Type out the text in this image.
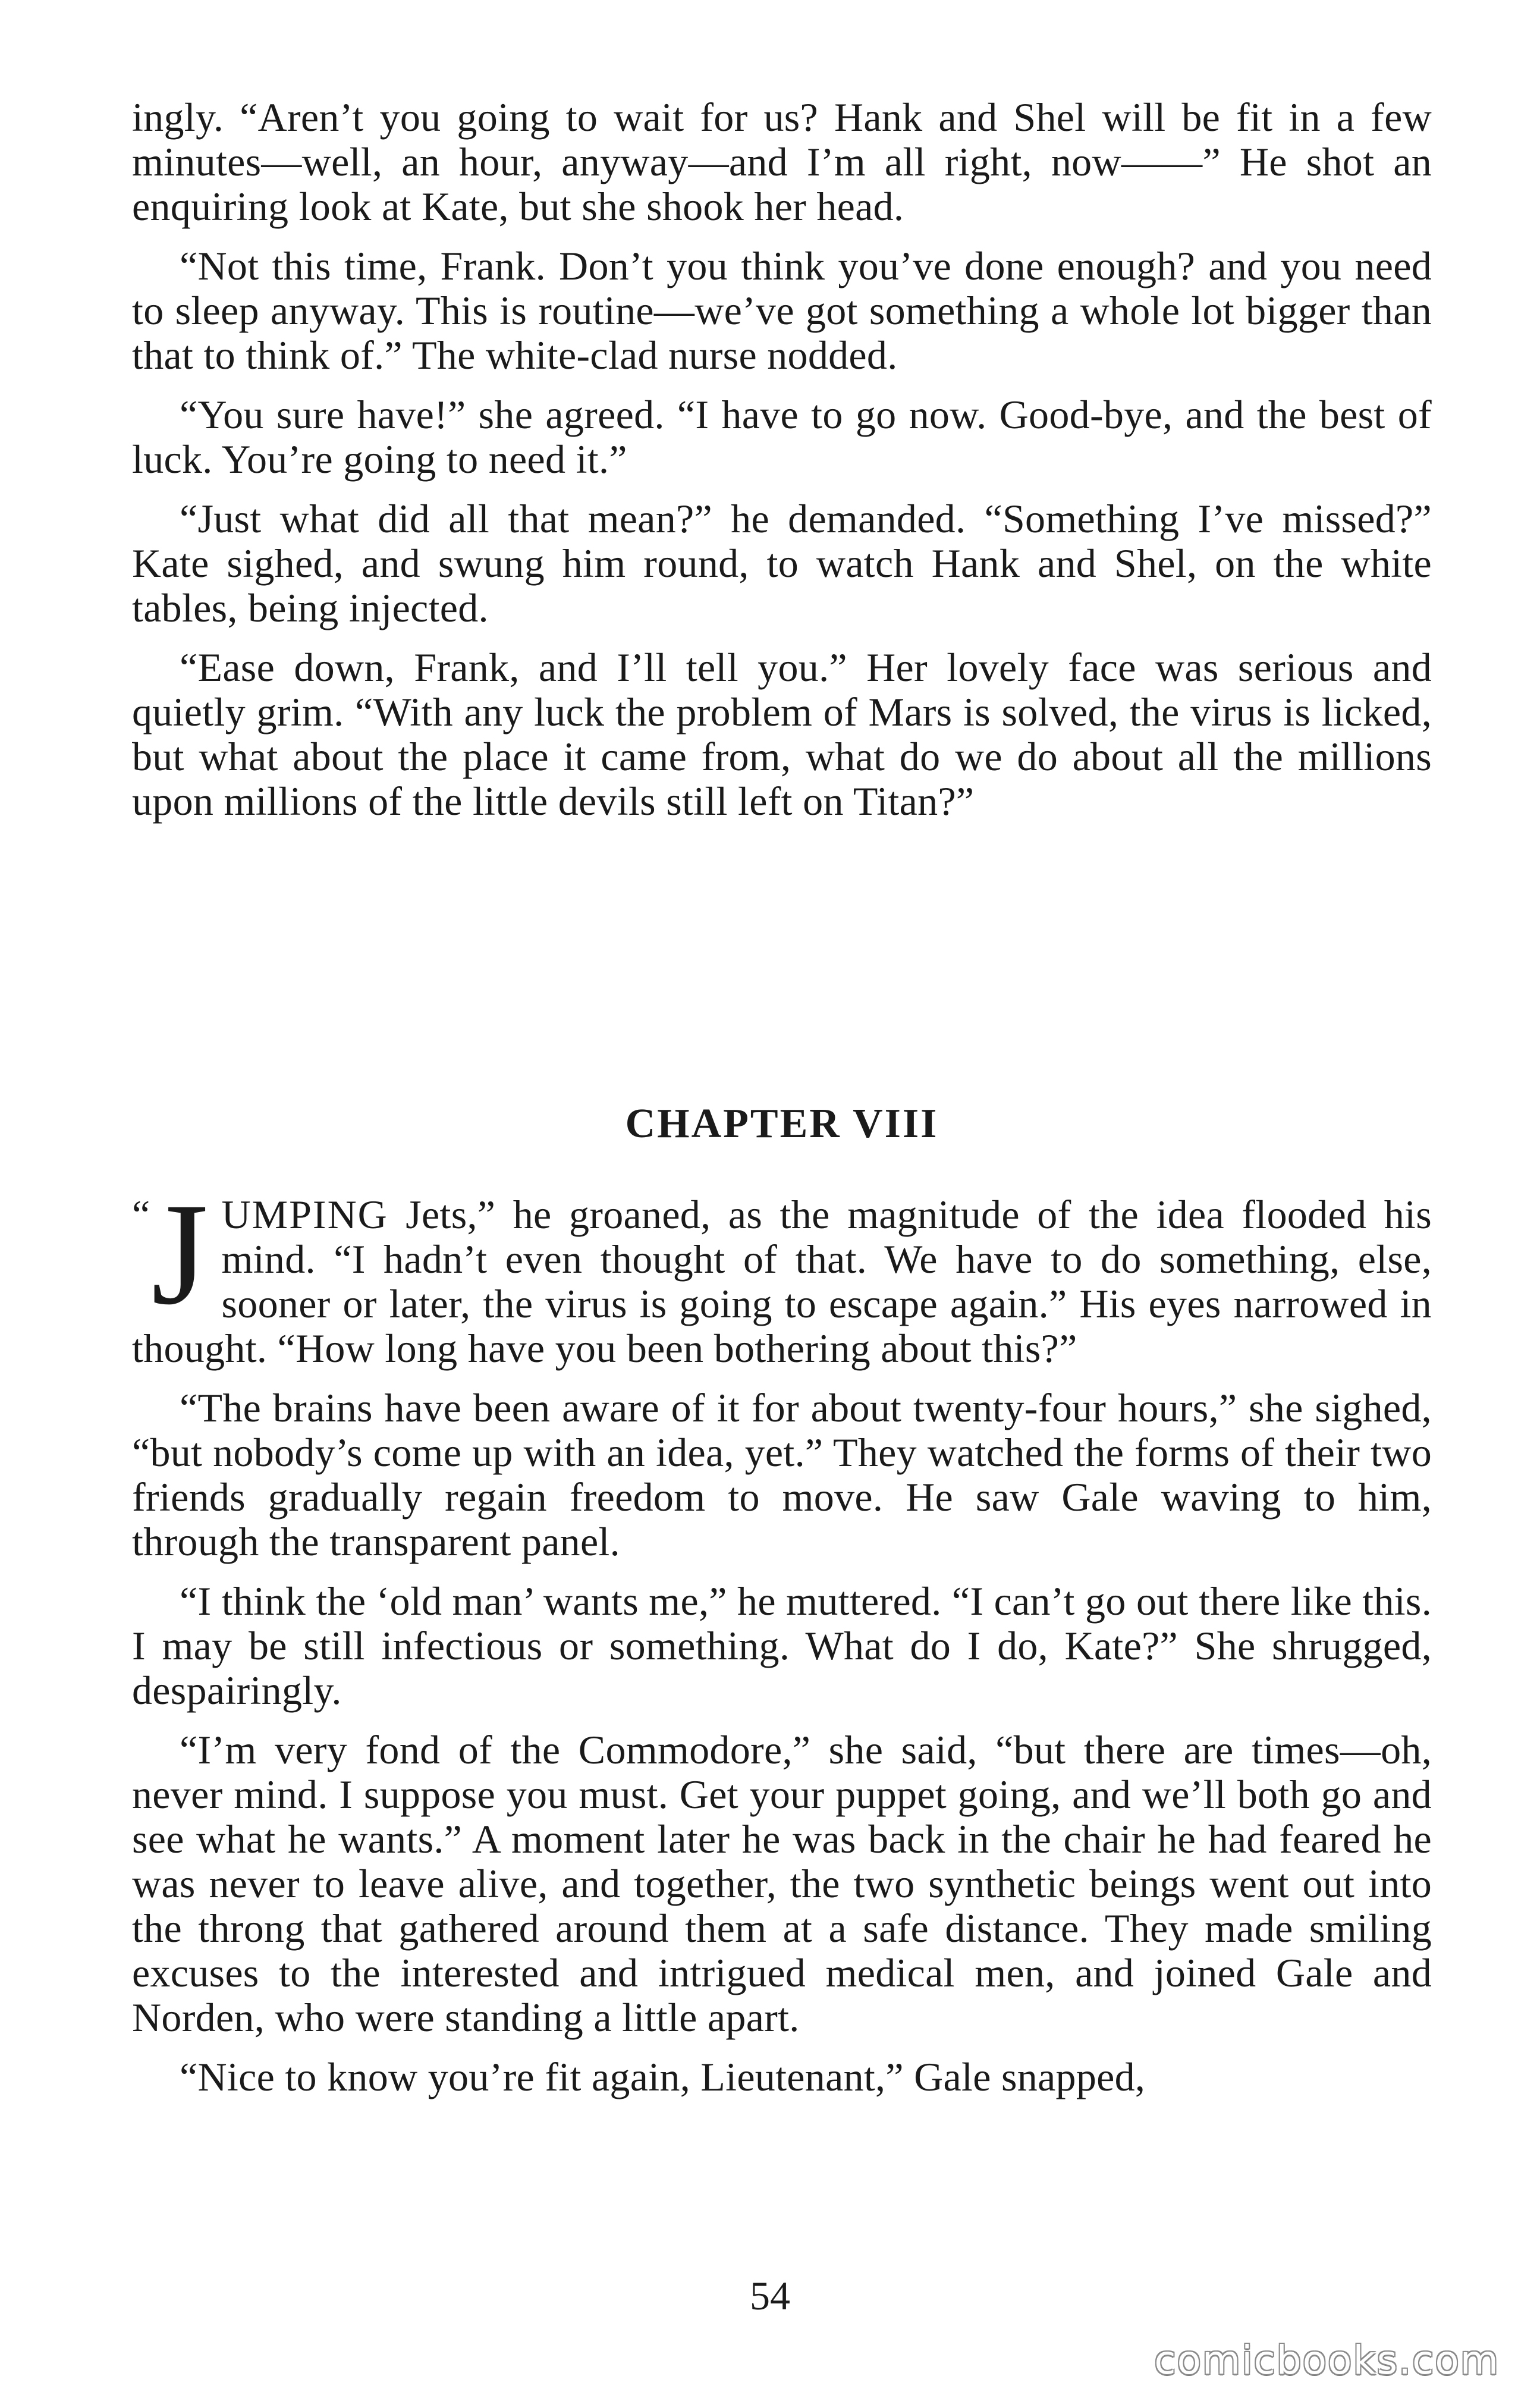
ingly. “Aren’t you going to wait for us? Hank and Shel will be fit in a few minutes—well, an hour, anyway—and I’m all right, now——” He shot an enquiring look at Kate, but she shook her head.

“Not this time, Frank. Don’t you think you’ve done enough? and you need to sleep anyway. This is routine—we’ve got something a whole lot bigger than that to think of.” The white-clad nurse nodded.

“You sure have!” she agreed. “I have to go now. Good-bye, and the best of luck. You’re going to need it.”

“Just what did all that mean?” he demanded. “Something I’ve missed?” Kate sighed, and swung him round, to watch Hank and Shel, on the white tables, being injected.

“Ease down, Frank, and I’ll tell you.” Her lovely face was serious and quietly grim. “With any luck the problem of Mars is solved, the virus is licked, but what about the place it came from, what do we do about all the millions upon millions of the little devils still left on Titan?”

CHAPTER VIII

“ J UMPING Jets,” he groaned, as the magnitude of the idea flooded his mind. “I hadn’t even thought of that. We have to do something, else, sooner or later, the virus is going to escape again.” His eyes narrowed in thought. “How long have you been bothering about this?”

“The brains have been aware of it for about twenty-four hours,” she sighed, “but nobody’s come up with an idea, yet.” They watched the forms of their two friends gradually regain freedom to move. He saw Gale waving to him, through the transparent panel.

“I think the ‘old man’ wants me,” he muttered. “I can’t go out there like this. I may be still infectious or something. What do I do, Kate?” She shrugged, despairingly.

“I’m very fond of the Commodore,” she said, “but there are times—oh, never mind. I suppose you must. Get your puppet going, and we’ll both go and see what he wants.” A moment later he was back in the chair he had feared he was never to leave alive, and together, the two synthetic beings went out into the throng that gathered around them at a safe distance. They made smiling excuses to the interested and intrigued medical men, and joined Gale and Norden, who were standing a little apart.

“Nice to know you’re fit again, Lieutenant,” Gale snapped,

54

comicbooks.com
